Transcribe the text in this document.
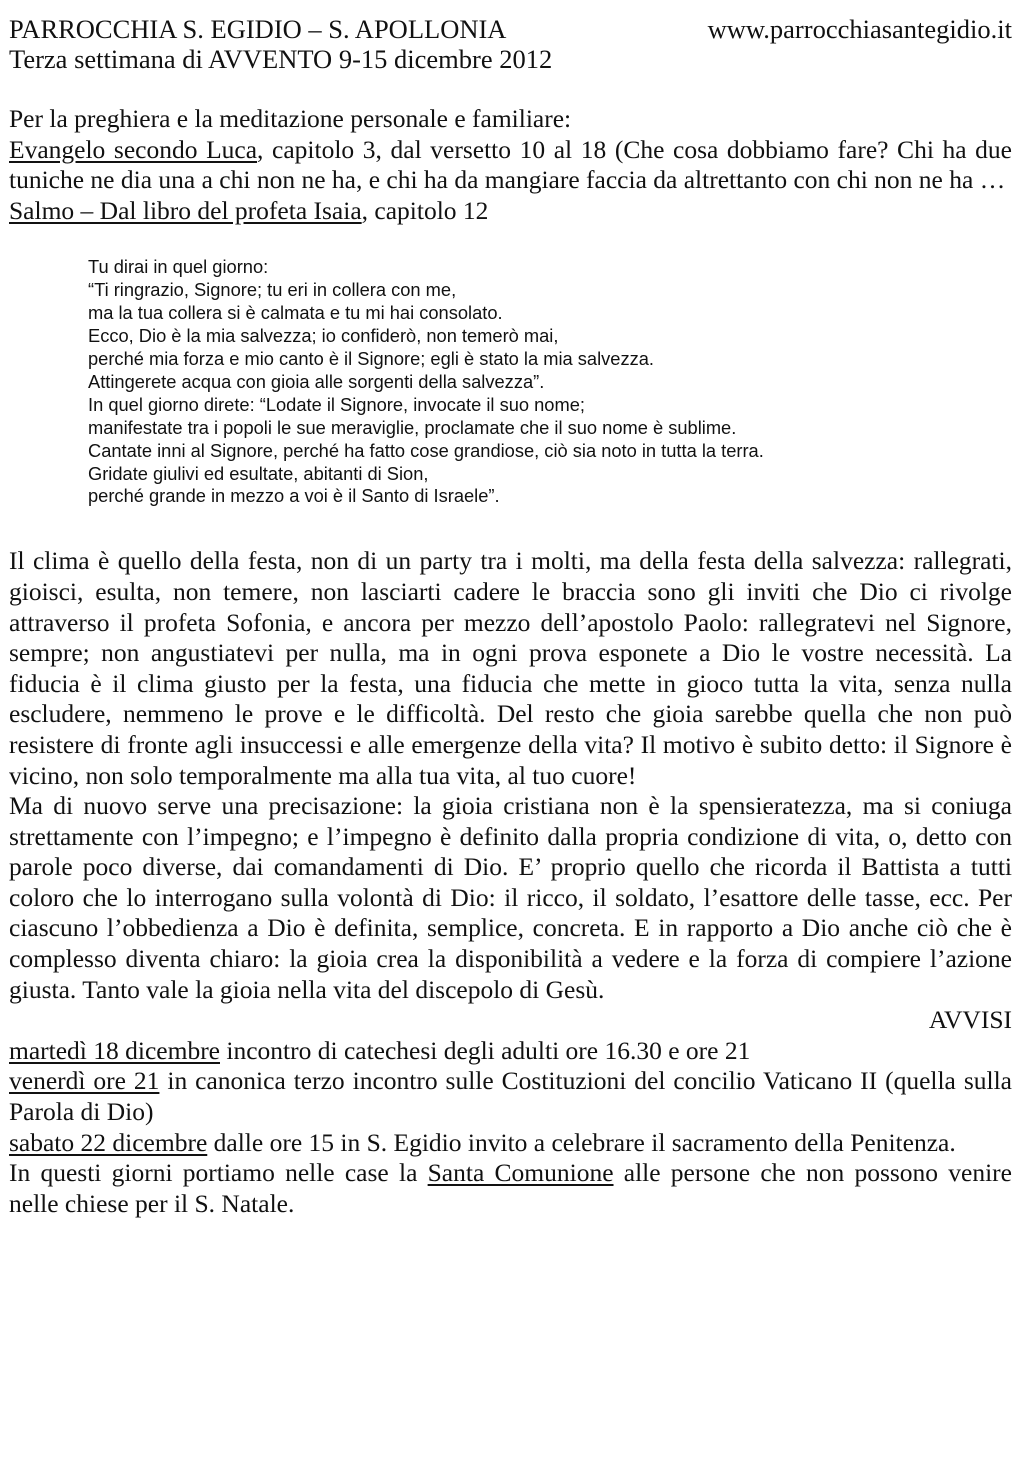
PARROCCHIA S. EGIDIO – S. APOLLONIA	www.parrocchiasantegidio.it
Terza settimana di AVVENTO 9-15 dicembre 2012
Per la preghiera e la meditazione personale e familiare:
Evangelo secondo Luca, capitolo 3, dal versetto 10 al 18 (Che cosa dobbiamo fare? Chi ha due tuniche ne dia una a chi non ne ha, e chi ha da mangiare faccia da altrettanto con chi non ne ha …
Salmo – Dal libro del profeta Isaia, capitolo 12
Tu dirai in quel giorno:
“Ti ringrazio, Signore; tu eri in collera con me,
ma la tua collera si è calmata e tu mi hai consolato.
Ecco, Dio è la mia salvezza; io confiderò, non temerò mai,
perché mia forza e mio canto è il Signore; egli è stato la mia salvezza.
Attingerete acqua con gioia alle sorgenti della salvezza”.
In quel giorno direte: “Lodate il Signore, invocate il suo nome;
manifestate tra i popoli le sue meraviglie, proclamate che il suo nome è sublime.
Cantate inni al Signore, perché ha fatto cose grandiose, ciò sia noto in tutta la terra.
Gridate giulivi ed esultate, abitanti di Sion,
perché grande in mezzo a voi è il Santo di Israele”.
Il clima è quello della festa, non di un party tra i molti, ma della festa della salvezza: rallegrati, gioisci, esulta, non temere, non lasciarti cadere le braccia sono gli inviti che Dio ci rivolge attraverso il profeta Sofonia, e ancora per mezzo dell’apostolo Paolo: rallegratevi nel Signore, sempre; non angustiatevi per nulla, ma in ogni prova esponete a Dio le vostre necessità. La fiducia è il clima giusto per la festa, una fiducia che mette in gioco tutta la vita, senza nulla escludere, nemmeno le prove e le difficoltà. Del resto che gioia sarebbe quella che non può resistere di fronte agli insuccessi e alle emergenze della vita? Il motivo è subito detto: il Signore è vicino, non solo temporalmente ma alla tua vita, al tuo cuore!
Ma di nuovo serve una precisazione: la gioia cristiana non è la spensieratezza, ma si coniuga strettamente con l’impegno; e l’impegno è definito dalla propria condizione di vita, o, detto con parole poco diverse, dai comandamenti di Dio. E’ proprio quello che ricorda il Battista a tutti coloro che lo interrogano sulla volontà di Dio: il ricco, il soldato, l’esattore delle tasse, ecc. Per ciascuno l’obbedienza a Dio è definita, semplice, concreta. E in rapporto a Dio anche ciò che è complesso diventa chiaro: la gioia crea la disponibilità a vedere e la forza di compiere l’azione giusta. Tanto vale la gioia nella vita del discepolo di Gesù.
AVVISI
martedì 18 dicembre incontro di catechesi degli adulti ore 16.30 e ore 21
venerdì ore 21 in canonica terzo incontro sulle Costituzioni del concilio Vaticano II (quella sulla Parola di Dio)
sabato 22 dicembre dalle ore 15 in S. Egidio invito a celebrare il sacramento della Penitenza.
In questi giorni portiamo nelle case la Santa Comunione alle persone che non possono venire nelle chiese per il S. Natale.
